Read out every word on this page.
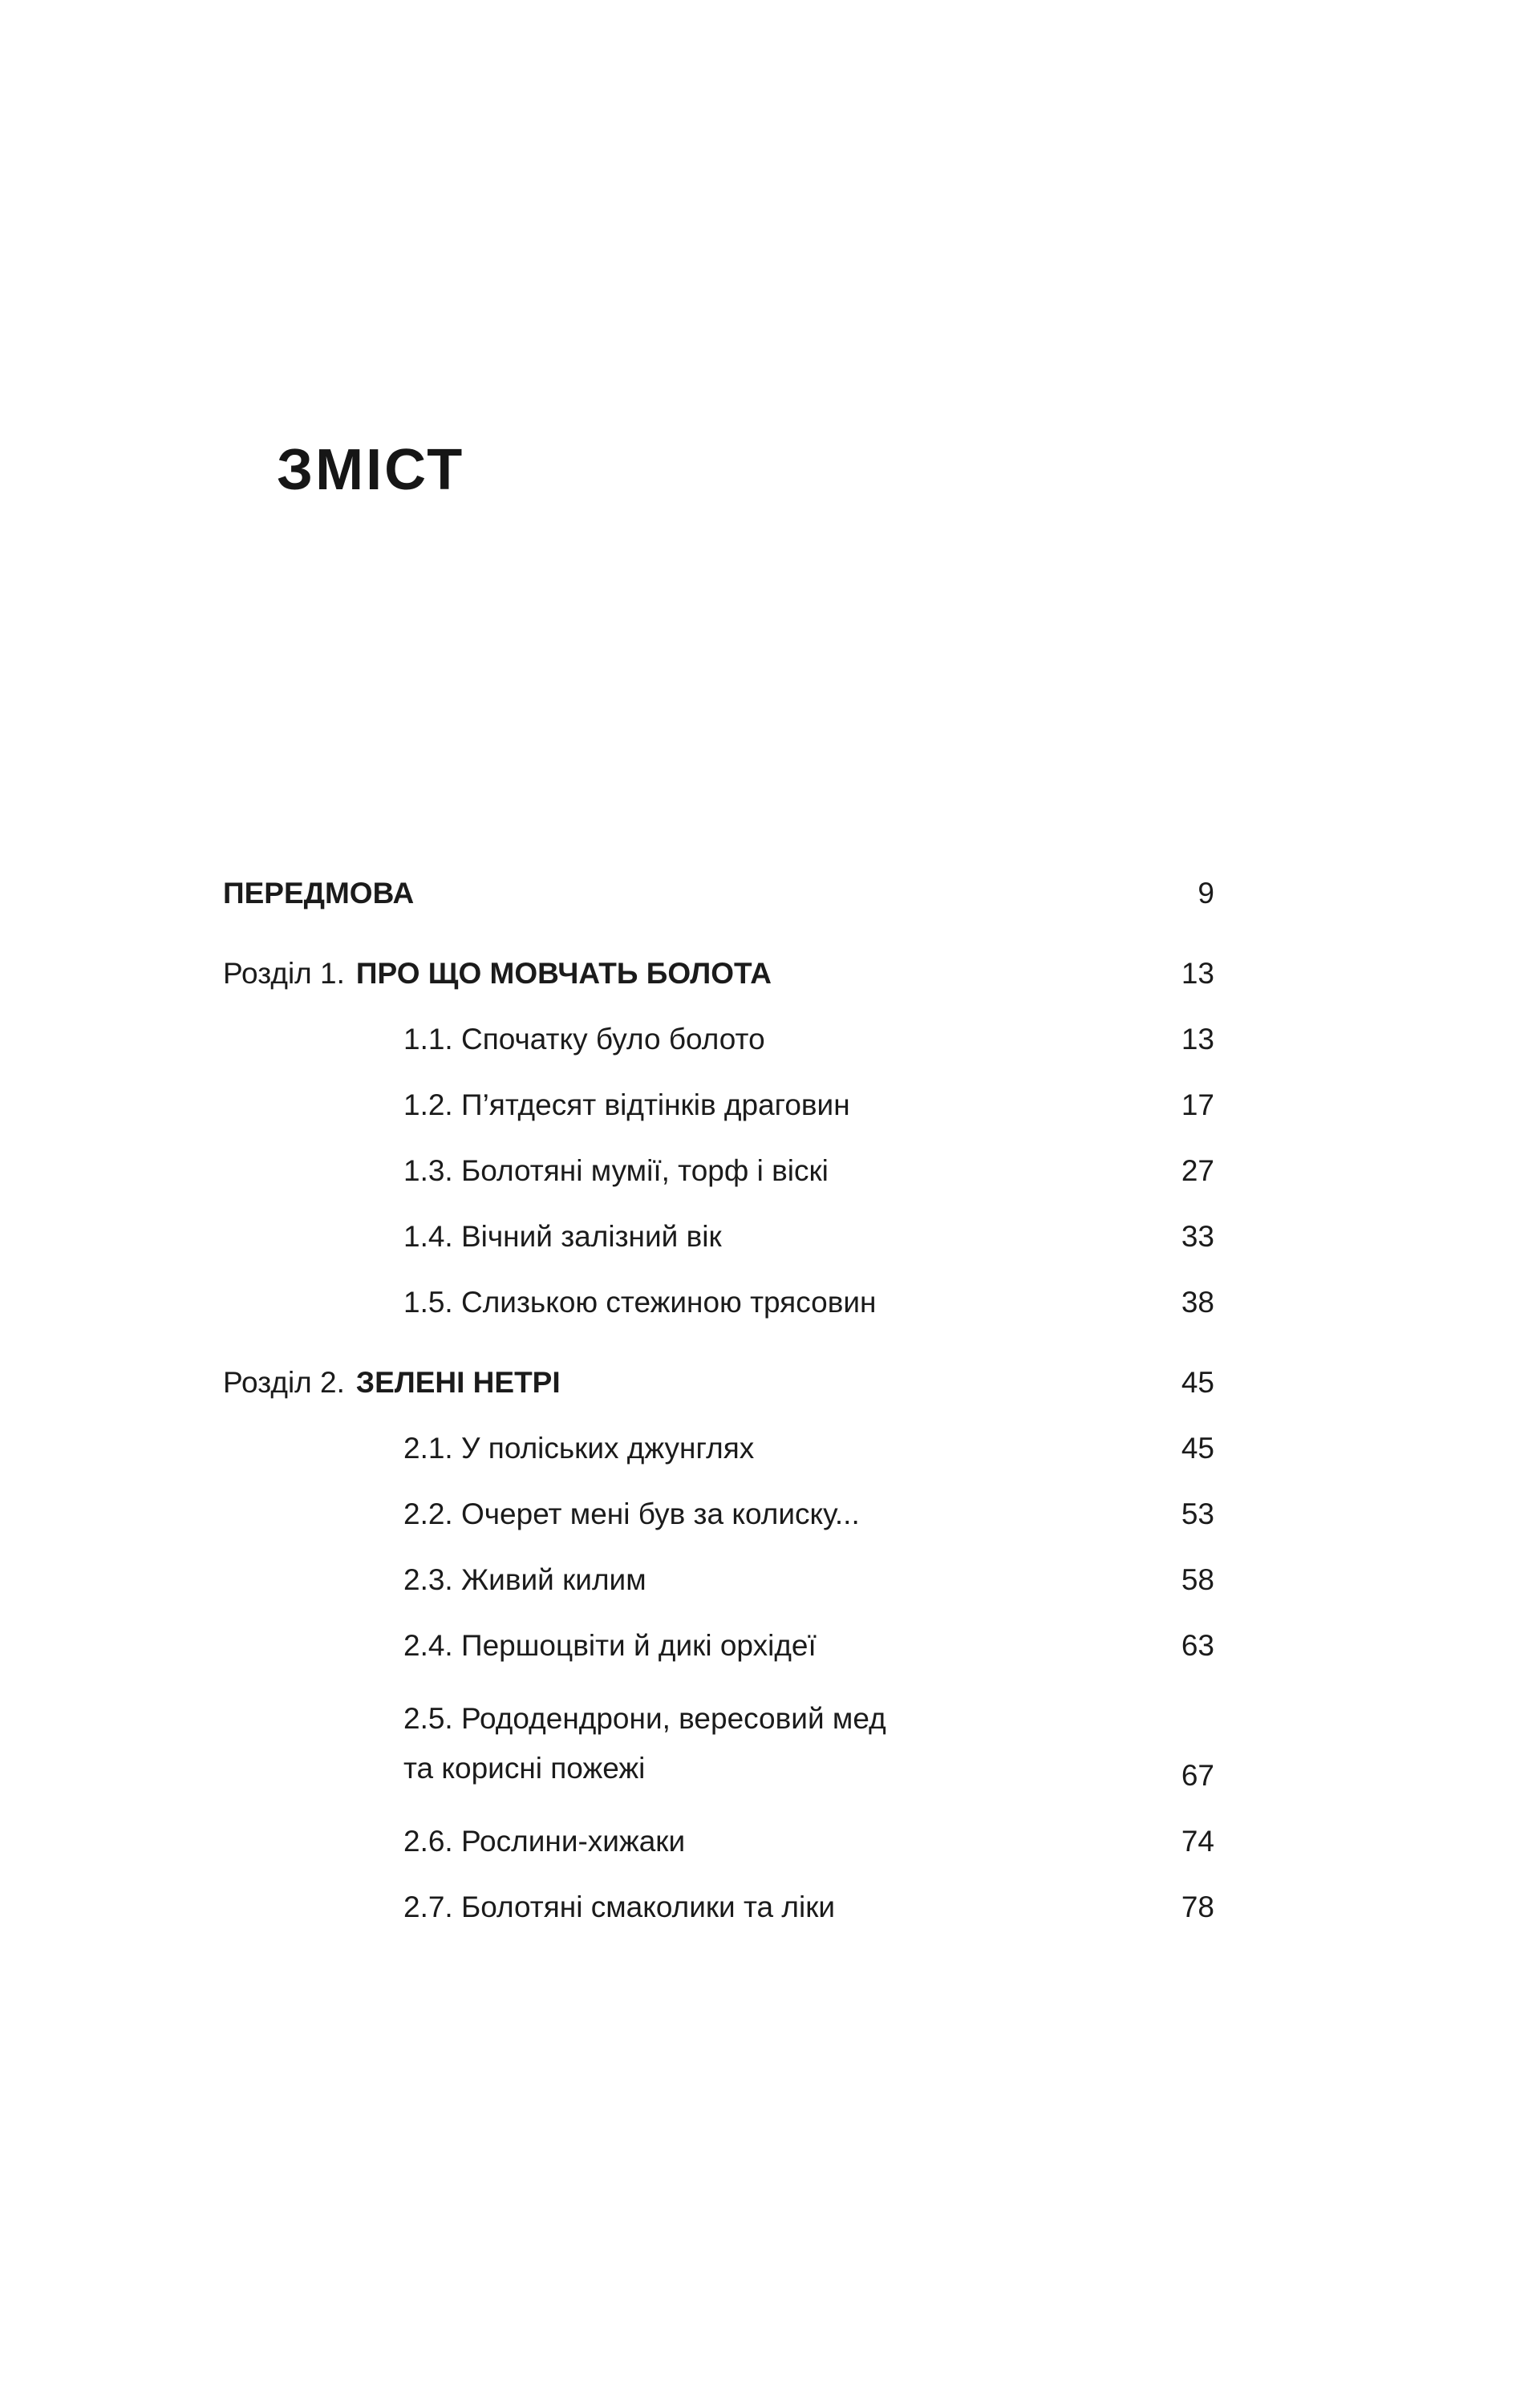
ЗМІСТ
ПЕРЕДМОВА	9
Розділ 1. ПРО ЩО МОВЧАТЬ БОЛОТА	13
1.1. Спочатку було болото	13
1.2. П’ятдесят відтінків драговин	17
1.3. Болотяні мумії, торф і віскі	27
1.4. Вічний залізний вік	33
1.5. Слизькою стежиною трясовин	38
Розділ 2. ЗЕЛЕНІ НЕТРІ	45
2.1. У поліських джунглях	45
2.2. Очерет мені був за колиску...	53
2.3. Живий килим	58
2.4. Першоцвіти й дикі орхідеї	63
2.5. Рододендрони, вересовий мед
та корисні пожежі	67
2.6. Рослини-хижаки	74
2.7. Болотяні смаколики та ліки	78
